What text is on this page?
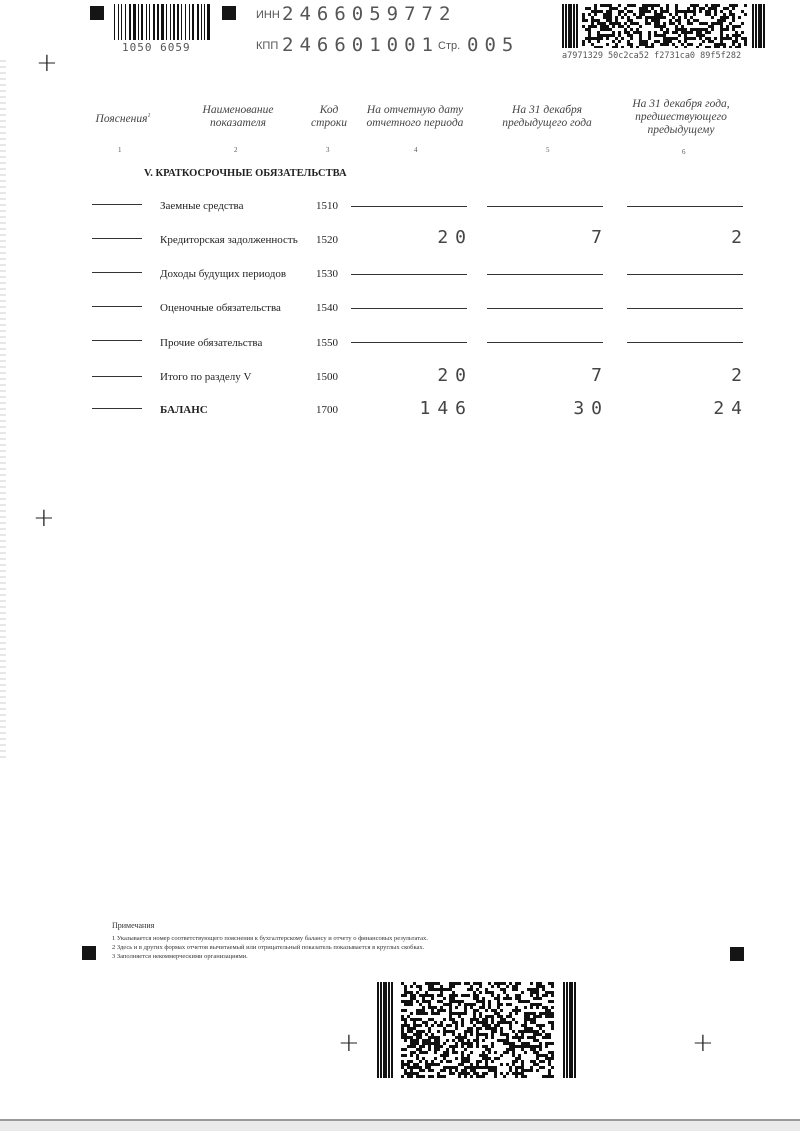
+
1050 6059
ИНН 2466059772
КПП 246601001 Стр. 005	a7971329 50c2ca52 f2731ca0 89f5f282
Пояснения$^1$	Наименование показателя
Код строки
На отчетную дату отчетного периода
На 31 декабря предыдущего года
На 31 декабря года, предшествующего предыдущему
1	2	3	4	5	6
V. КРАТКОСРОЧНЫЕ ОБЯЗАТЕЛЬСТВА
Заемные средства	1510
Кредиторская задолженность 1520	20	7	2
Доходы будущих периодов	1530
Оценочные обязательства	1540
Прочие обязательства	1550
Итого по разделу V	1500	20	7	2
БАЛАНС	1700	146	30	24
+
Примечания
1 Указывается номер соответствующего пояснения к бухгалтерскому балансу и отчету о финансовых результатах.
2 Здесь и в других формах отчетов вычитаемый или отрицательный показатель показывается в круглых скобках.
3 Заполняется некоммерческими организациями.
+	+
